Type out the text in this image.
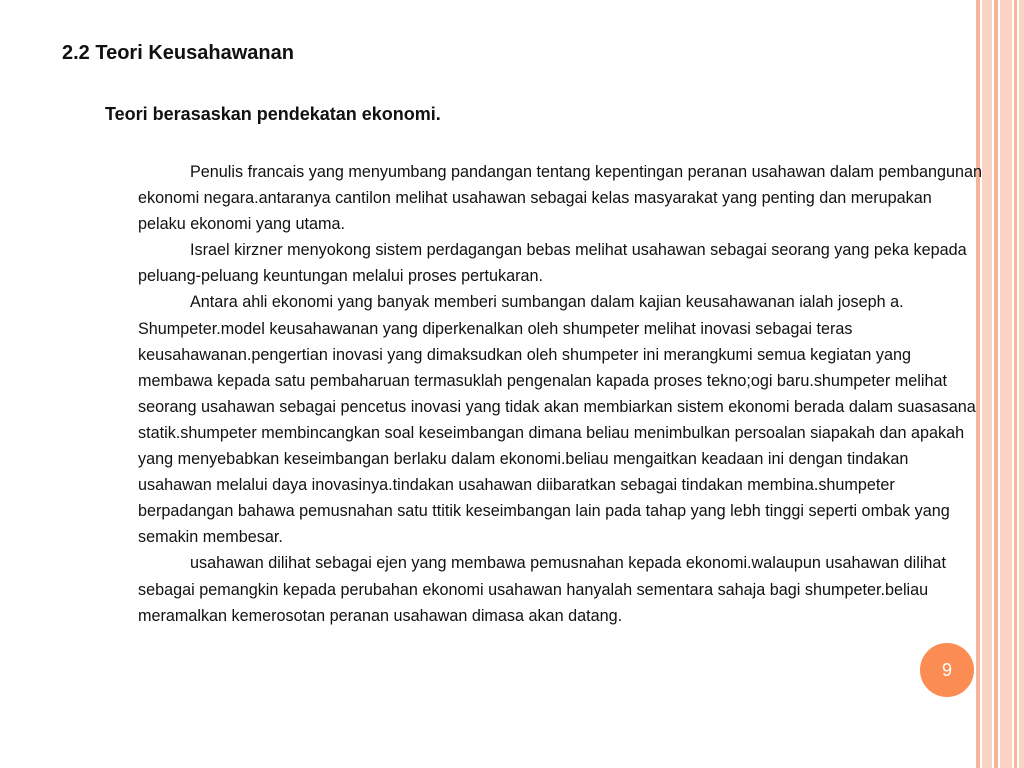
2.2 Teori Keusahawanan
Teori berasaskan pendekatan ekonomi.

Penulis francais yang menyumbang pandangan tentang kepentingan peranan usahawan dalam pembangunan ekonomi negara.antaranya cantilon melihat usahawan sebagai kelas masyarakat yang penting dan merupakan pelaku ekonomi yang utama.

Israel kirzner menyokong sistem perdagangan bebas melihat usahawan sebagai seorang yang peka kepada peluang-peluang keuntungan melalui proses pertukaran.

Antara ahli ekonomi yang banyak memberi sumbangan dalam kajian keusahawanan ialah joseph a. Shumpeter.model keusahawanan yang diperkenalkan oleh shumpeter melihat inovasi sebagai teras keusahawanan.pengertian inovasi yang dimaksudkan oleh shumpeter ini merangkumi semua kegiatan yang membawa kepada satu pembaharuan termasuklah pengenalan kapada proses tekno;ogi baru.shumpeter melihat seorang usahawan sebagai pencetus inovasi yang tidak akan membiarkan sistem ekonomi berada dalam suasasana statik.shumpeter membincangkan soal keseimbangan dimana beliau menimbulkan persoalan siapakah dan apakah yang menyebabkan keseimbangan berlaku dalam ekonomi.beliau mengaitkan keadaan ini dengan tindakan usahawan melalui daya inovasinya.tindakan usahawan diibaratkan sebagai tindakan membina.shumpeter berpadangan bahawa pemusnahan satu ttitik keseimbangan lain pada tahap yang lebh tinggi seperti ombak yang semakin membesar.

usahawan dilihat sebagai ejen yang membawa pemusnahan kepada ekonomi.walaupun usahawan dilihat sebagai pemangkin kepada perubahan ekonomi usahawan hanyalah sementara sahaja bagi shumpeter.beliau meramalkan kemerosotan peranan usahawan dimasa akan datang.

9
